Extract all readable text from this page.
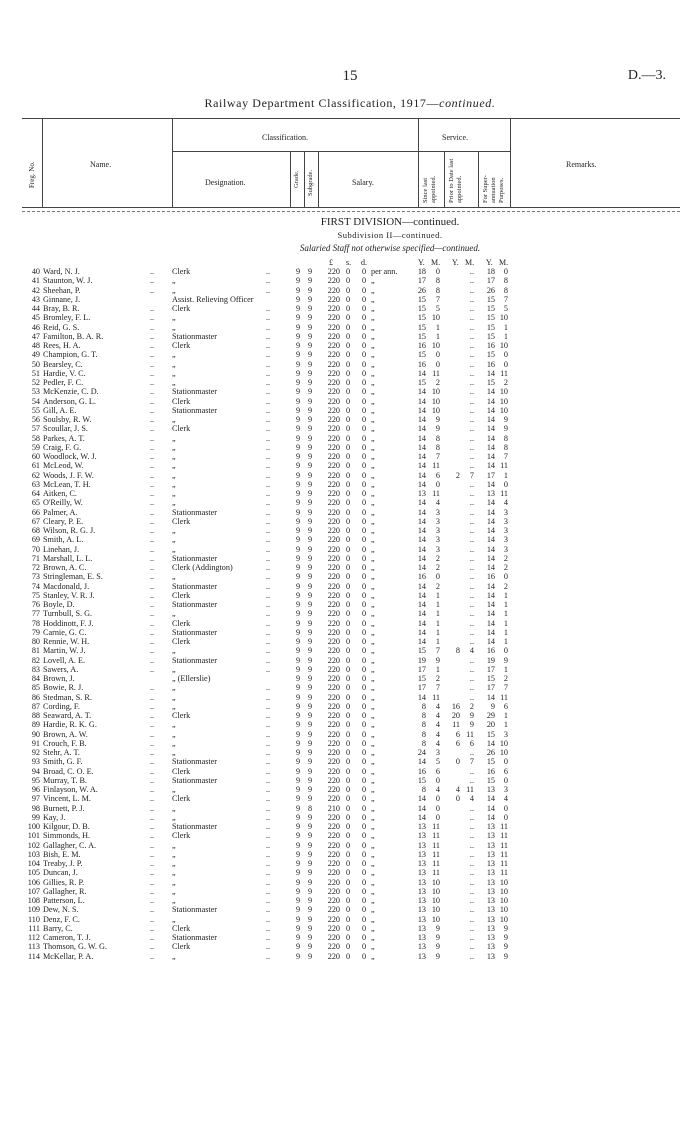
15	D.—3.
Railway Department Classification, 1917—continued.
Freg. No.	Name.
Classification.	Service.
Remarks.
Designation.	Grade. Subgrade.	Salary.	Since last appointed. Prior to Date last appointed.	For Super-annuation Purposes.
FIRST DIVISION—continued.
Subdivision II—continued.
Salaried Staff not otherwise specified—continued.
£ s. d.	Y. M. Y. M. Y. M.
40 Ward, N. J.	.. Clerk	..	9 9	220 0 0 per ann.	18	0	..	18	0
41 Staunton, W. J.	.. „	..	9 9	220 0 0 „	17	8	..	17	8
42 Sheehan, P.	.. „	..	9 9	220 0 0 „	26	8	..	26	8
43 Ginnane, J.	Assist. Relieving Officer	9 9	220 0 0 „	15	7	..	15	7
44 Bray, B. R.	.. Clerk	..	9 9	220 0 0 „	15	5	..	15	5
45 Bromley, F. L.	.. „	..	9 9	220 0 0 „	15 10	..	15 10
46 Reid, G. S.	.. „	..	9 9	220 0 0 „	15	1	..	15	1
47 Familton, B. A. R.	.. Stationmaster	..	9 9	220 0 0 „	15	1	..	15	1
48 Rees, H. A.	.. Clerk	..	9 9	220 0 0 „	16 10	..	16 10
49 Champion, G. T.	.. „	..	9 9	220 0 0 „	15	0	..	15	0
50 Bearsley, C.	.. „	..	9 9	220 0 0 „	16	0	..	16	0
51 Hardie, V. C.	.. „	..	9 9	220 0 0 „	14 11	..	14 11
52 Pedler, F. C.	.. „	..	9 9	220 0 0 „	15	2	..	15	2
53 McKenzie, C. D.	.. Stationmaster	..	9 9	220 0 0 „	14 10	..	14 10
54 Anderson, G. L.	.. Clerk	..	9 9	220 0 0 „	14 10	..	14 10
55 Gill, A. E.	.. Stationmaster	..	9 9	220 0 0 „	14 10	..	14 10
56 Soulsby, R. W.	.. „	..	9 9	220 0 0 „	14	9	..	14	9
57 Scoullar, J. S.	.. Clerk	..	9 9	220 0 0 „	14	9	..	14	9
58 Parkes, A. T.	.. „	..	9 9	220 0 0 „	14	8	..	14	8
59 Craig, F. G.	.. „	..	9 9	220 0 0 „	14	8	..	14	8
60 Woodlock, W. J.	.. „	..	9 9	220 0 0 „	14	7	..	14	7
61 McLeod, W.	.. „	..	9 9	220 0 0 „	14 11	..	14 11
62 Woods, J. F. W.	.. „	..	9 9	220 0 0 „	14	6	2	7	17	1
63 McLean, T. H.	.. „	..	9 9	220 0 0 „	14	0	..	14	0
64 Aitken, C.	.. „	..	9 9	220 0 0 „	13 11	..	13 11
65 O'Reilly, W.	.. „	..	9 9	220 0 0 „	14	4	..	14	4
66 Palmer, A.	.. Stationmaster	..	9 9	220 0 0 „	14	3	..	14	3
67 Cleary, P. E.	.. Clerk	..	9 9	220 0 0 „	14	3	..	14	3
68 Wilson, R. G. J.	.. „	..	9 9	220 0 0 „	14	3	..	14	3
69 Smith, A. L.	.. „	..	9 9	220 0 0 „	14	3	..	14	3
70 Linehan, J.	.. „	..	9 9	220 0 0 „	14	3	..	14	3
71 Marshall, L. L.	.. Stationmaster	..	9 9	220 0 0 „	14	2	..	14	2
72 Brown, A. C.	.. Clerk (Addington)	..	9 9	220 0 0 „	14	2	..	14	2
73 Stringleman, E. S.	.. „	..	9 9	220 0 0 „	16	0	..	16	0
74 Macdonald, J.	.. Stationmaster	..	9 9	220 0 0 „	14	2	..	14	2
75 Stanley, V. R. J.	.. Clerk	..	9 9	220 0 0 „	14	1	..	14	1
76 Boyle, D.	.. Stationmaster	..	9 9	220 0 0 „	14	1	..	14	1
77 Turnbull, S. G.	.. „	..	9 9	220 0 0 „	14	1	..	14	1
78 Hoddinott, F. J.	.. Clerk	..	9 9	220 0 0 „	14	1	..	14	1
79 Carnie, G. C.	.. Stationmaster	..	9 9	220 0 0 „	14	1	..	14	1
80 Rennie, W. H.	.. Clerk	..	9 9	220 0 0 „	14	1	..	14	1
81 Martin, W. J.	.. „	..	9 9	220 0 0 „	15	7	8	4	16	0
82 Lovell, A. E.	.. Stationmaster	..	9 9	220 0 0 „	19	9	..	19	9
83 Sawers, A.	.. „	..	9 9	220 0 0 „	17	1	..	17	1
84 Brown, J.	„ (Ellerslie)	9 9	220 0 0 „	15	2	..	15	2
85 Bowie, R. J.	.. „	..	9 9	220 0 0 „	17	7	..	17	7
86 Stedman, S. R.	.. „	..	9 9	220 0 0 „	14 11	..	14 11
87 Cording, F.	.. „	..	9 9	220 0 0 „	8	4	16	2	9	6
88 Seaward, A. T.	.. Clerk	..	9 9	220 0 0 „	8	4	20	9	29	1
89 Hardie, R. K. G.	.. „	..	9 9	220 0 0 „	8	4	11	9	20	1
90 Brown, A. W.	.. „	..	9 9	220 0 0 „	8	4	6 11	15	3
91 Crouch, F. B.	.. „	..	9 9	220 0 0 „	8	4	6	6	14 10
92 Stehr, A. T.	.. „	..	9 9	220 0 0 „	24	3	..	26 10
93 Smith, G. F.	.. Stationmaster	..	9 9	220 0 0 „	14	5	0	7	15	0
94 Broad, C. O. E.	.. Clerk	..	9 9	220 0 0 „	16	6	..	16	6
95 Murray, T. B.	.. Stationmaster	..	9 9	220 0 0 „	15	0	..	15	0
96 Finlayson, W. A.	.. „	..	9 9	220 0 0 „	8	4	4 11	13	3
97 Vincent, L. M.	.. Clerk	..	9 9	220 0 0 „	14	0	0	4	14	4
98 Burnett, P. J.	.. „	..	9 8	210 0 0 „	14	0	..	14	0
99 Kay, J.	.. „	..	9 9	220 0 0 „	14	0	..	14	0
100 Kilgour, D. B.	.. Stationmaster	..	9 9	220 0 0 „	13 11	..	13 11
101 Simmonds, H.	.. Clerk	..	9 9	220 0 0 „	13 11	..	13 11
102 Gallagher, C. A.	.. „	..	9 9	220 0 0 „	13 11	..	13 11
103 Bish, E. M.	.. „	..	9 9	220 0 0 „	13 11	..	13 11
104 Treaby, J. P.	.. „	..	9 9	220 0 0 „	13 11	..	13 11
105 Duncan, J.	.. „	..	9 9	220 0 0 „	13 11	..	13 11
106 Gillies, R. P.	.. „	..	9 9	220 0 0 „	13 10	..	13 10
107 Gallagher, R.	.. „	..	9 9	220 0 0 „	13 10	..	13 10
108 Patterson, L.	.. „	..	9 9	220 0 0 „	13 10	..	13 10
109 Dew, N. S.	.. Stationmaster	..	9 9	220 0 0 „	13 10	..	13 10
110 Denz, F. C.	.. „	..	9 9	220 0 0 „	13 10	..	13 10
111 Barry, C.	.. Clerk	..	9 9	220 0 0 „	13	9	..	13	9
112 Cameron, T. J.	.. Stationmaster	..	9 9	220 0 0 „	13	9	..	13	9
113 Thomson, G. W. G.	.. Clerk	..	9 9	220 0 0 „	13	9	..	13	9
114 McKellar, P. A.	.. „	..	9 9	220 0 0 „	13	9	..	13	9
